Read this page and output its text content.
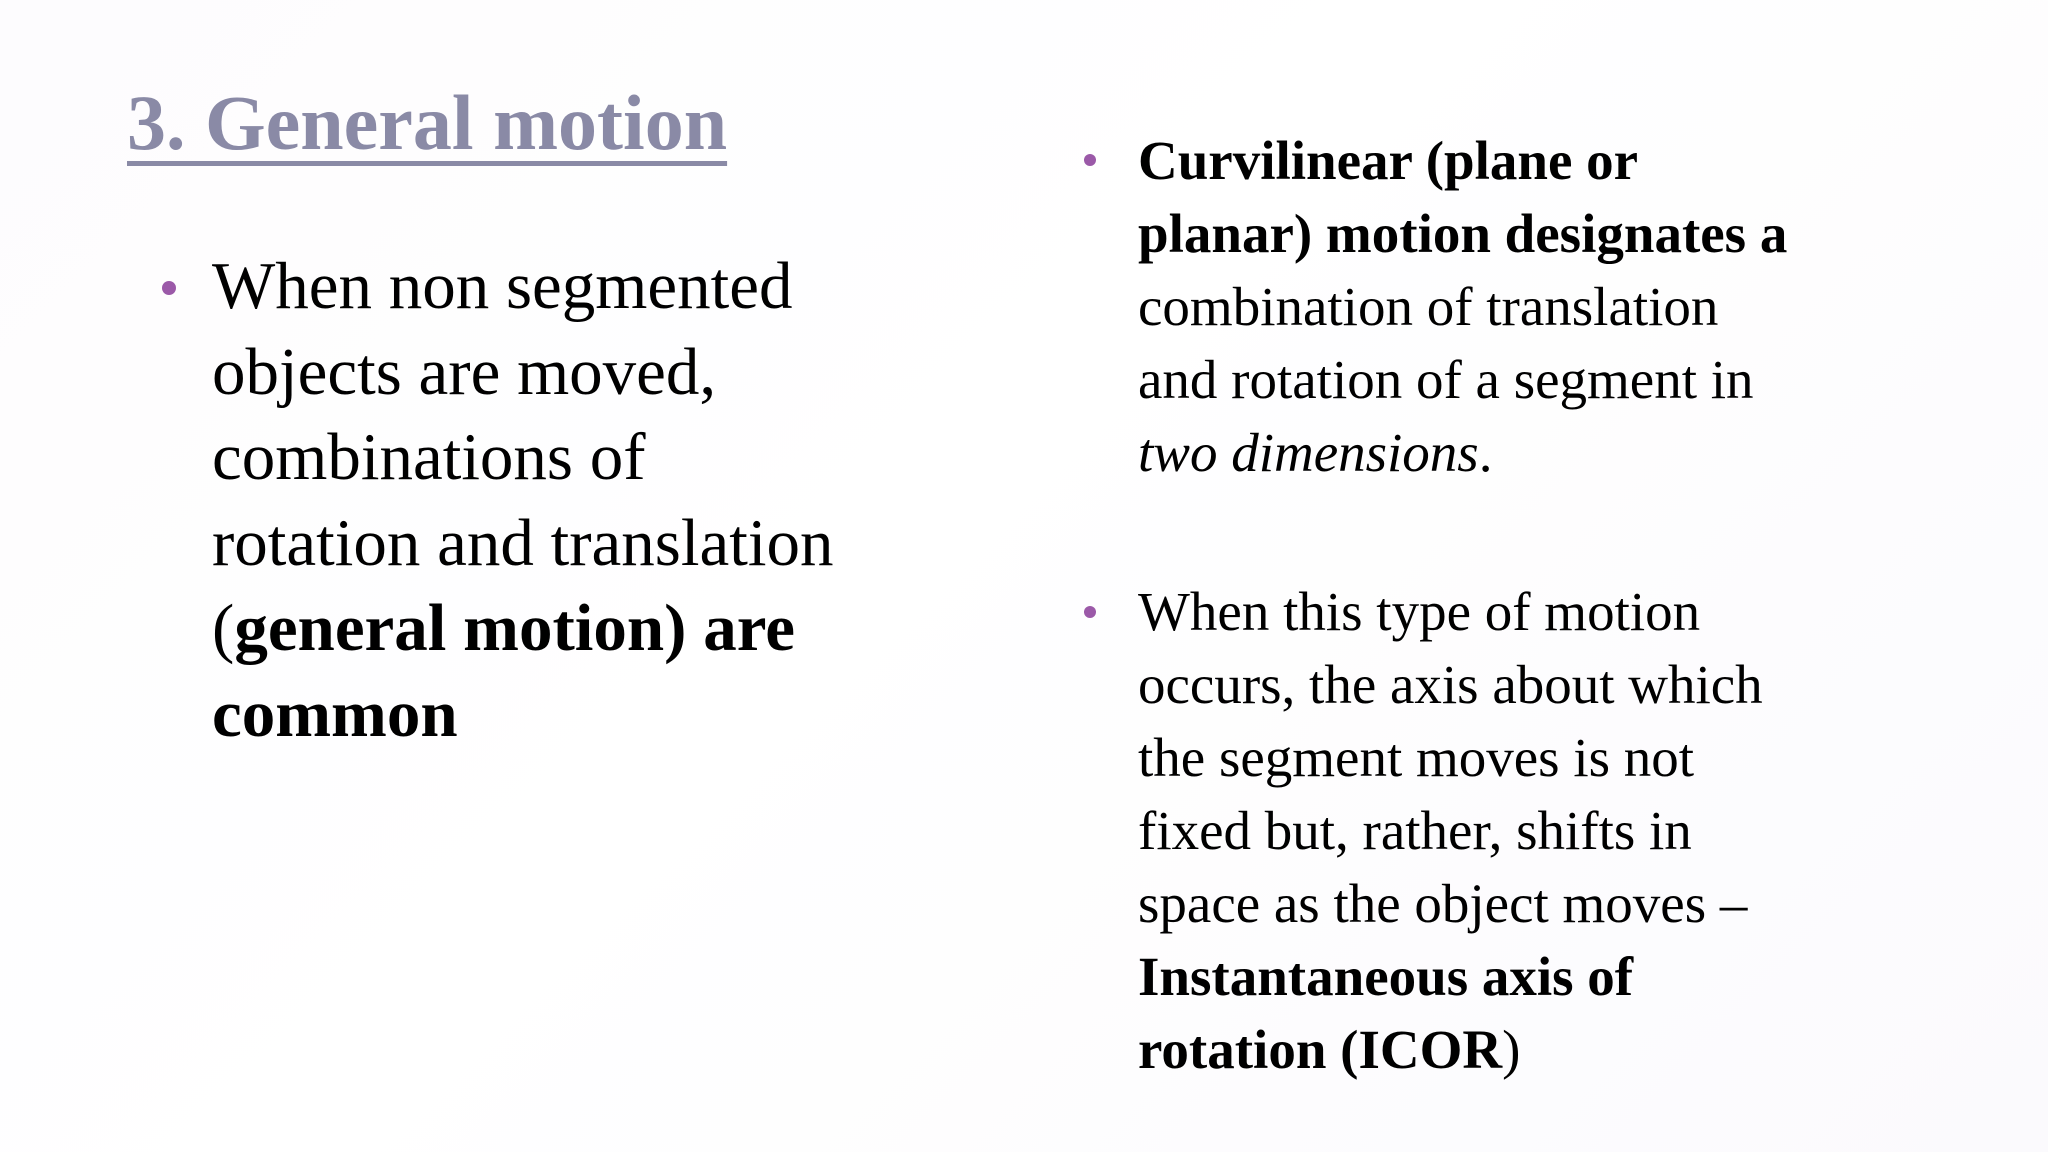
3. General motion

When non segmented
objects are moved,
combinations of
rotation and translation
(general motion) are
common

Curvilinear (plane or
planar) motion designates a
combination of translation
and rotation of a segment in
two dimensions.

When this type of motion
occurs, the axis about which
the segment moves is not
fixed but, rather, shifts in
space as the object moves –
Instantaneous axis of
rotation (ICOR)
